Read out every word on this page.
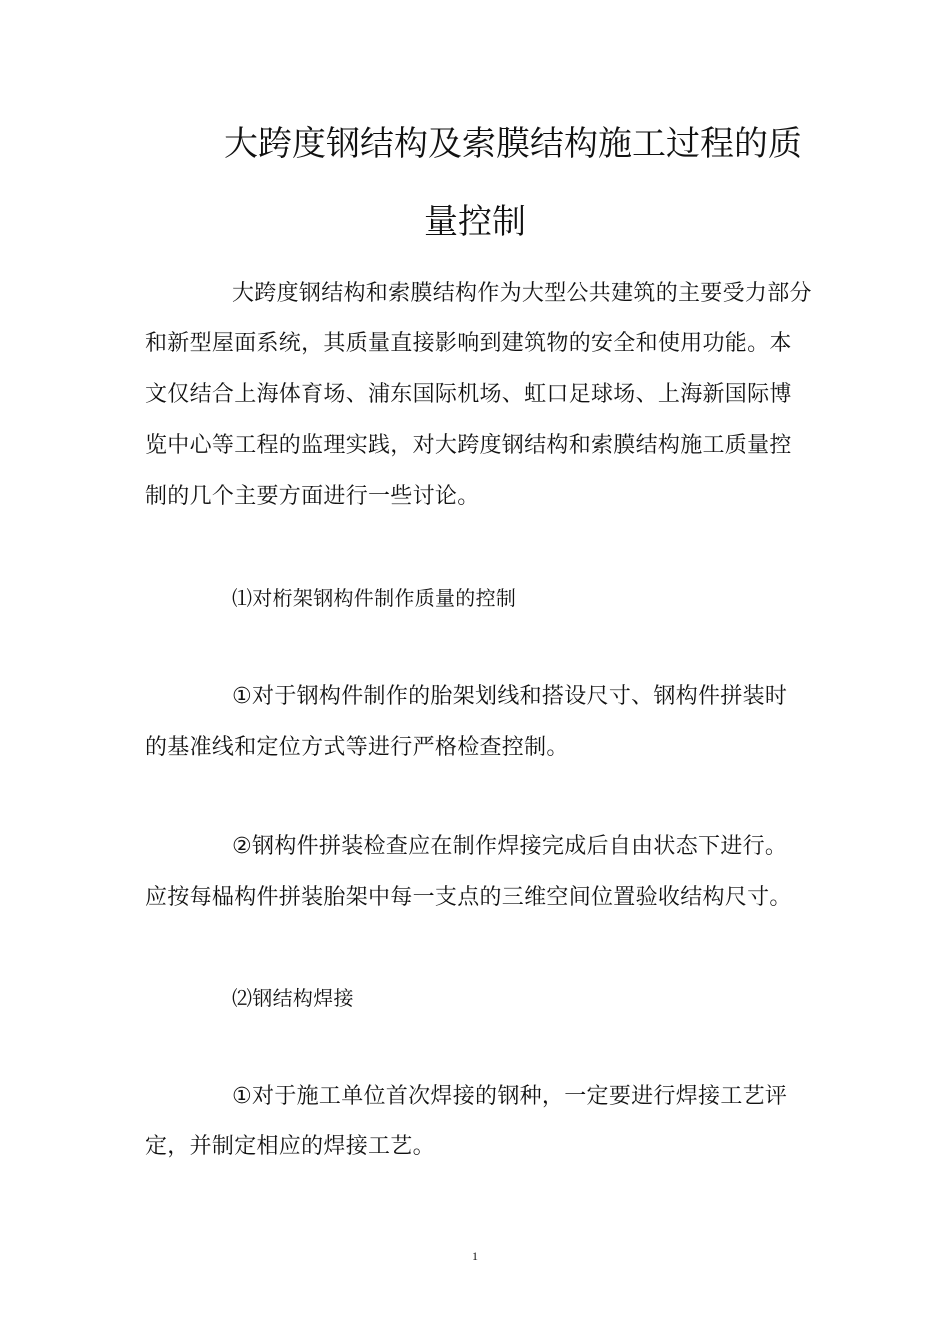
大跨度钢结构及索膜结构施工过程的质
量控制
大跨度钢结构和索膜结构作为大型公共建筑的主要受力部分
和新型屋面系统，其质量直接影响到建筑物的安全和使用功能。本
文仅结合上海体育场、浦东国际机场、虹口足球场、上海新国际博
览中心等工程的监理实践，对大跨度钢结构和索膜结构施工质量控
制的几个主要方面进行一些讨论。
⑴对桁架钢构件制作质量的控制
①对于钢构件制作的胎架划线和搭设尺寸、钢构件拼装时
的基准线和定位方式等进行严格检查控制。
②钢构件拼装检查应在制作焊接完成后自由状态下进行。
应按每榀构件拼装胎架中每一支点的三维空间位置验收结构尺寸。
⑵钢结构焊接
①对于施工单位首次焊接的钢种，一定要进行焊接工艺评
定，并制定相应的焊接工艺。
1
